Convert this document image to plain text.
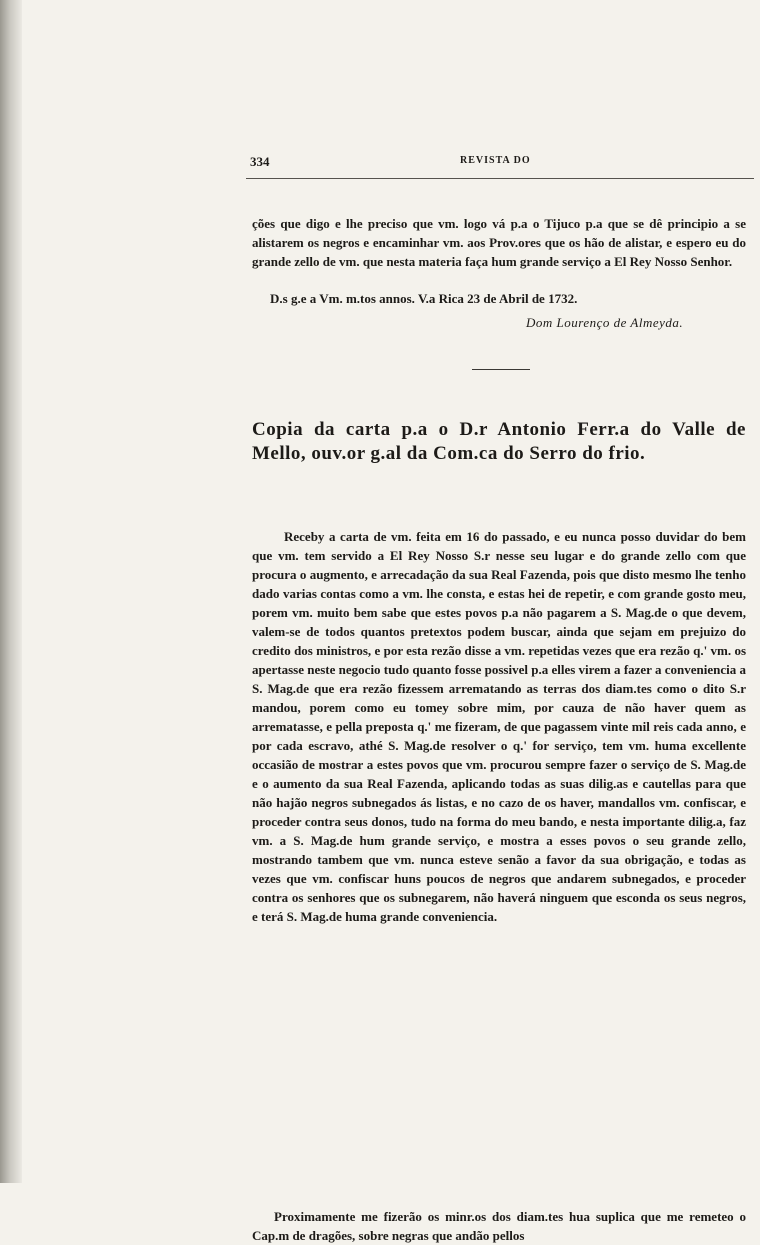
334	REVISTA DO

ções que digo e lhe preciso que vm. logo vá p.a o Tijuco p.a que se dê principio a se alistarem os negros e encaminhar vm. aos Prov.ores que os hão de alistar, e espero eu do grande zello de vm. que nesta materia faça hum grande serviço a El Rey Nosso Senhor.

D.s g.e a Vm. m.tos annos. V.a Rica 23 de Abril de 1732.

Dom Lourenço de Almeyda.
Copia da carta p.a o D.r Antonio Ferr.a do Valle de Mello, ouv.or g.al da Com.ca do Serro do frio.

Receby a carta de vm. feita em 16 do passado, e eu nunca posso duvidar do bem que vm. tem servido a El Rey Nosso S.r nesse seu lugar e do grande zello com que procura o augmento, e arrecadação da sua Real Fazenda, pois que disto mesmo lhe tenho dado varias contas como a vm. lhe consta, e estas hei de repetir, e com grande gosto meu, porem vm. muito bem sabe que estes povos p.a não pagarem a S. Mag.de o que devem, valem-se de todos quantos pretextos podem buscar, ainda que sejam em prejuizo do credito dos ministros, e por esta rezão disse a vm. repetidas vezes que era rezão q.' vm. os apertasse neste negocio tudo quanto fosse possivel p.a elles virem a fazer a conveniencia a S. Mag.de que era rezão fizessem arrematando as terras dos diam.tes como o dito S.r mandou, porem como eu tomey sobre mim, por cauza de não haver quem as arrematasse, e pella preposta q.' me fizeram, de que pagassem vinte mil reis cada anno, e por cada escravo, athé S. Mag.de resolver o q.' for serviço, tem vm. huma excellente occasião de mostrar a estes povos que vm. procurou sempre fazer o serviço de S. Mag.de e o aumento da sua Real Fazenda, aplicando todas as suas dilig.as e cautellas para que não hajão negros subnegados ás listas, e no cazo de os haver, mandallos vm. confiscar, e proceder contra seus donos, tudo na forma do meu bando, e nesta importante dilig.a, faz vm. a S. Mag.de hum grande serviço, e mostra a esses povos o seu grande zello, mostrando tambem que vm. nunca esteve senão a favor da sua obrigação, e todas as vezes que vm. confiscar huns poucos de negros que andarem subnegados, e proceder contra os senhores que os subnegarem, não haverá ninguem que esconda os seus negros, e terá S. Mag.de huma grande conveniencia.

Proximamente me fizerão os minr.os dos diam.tes hua suplica que me remeteo o Cap.m de dragões, sobre negras que andão pellos
